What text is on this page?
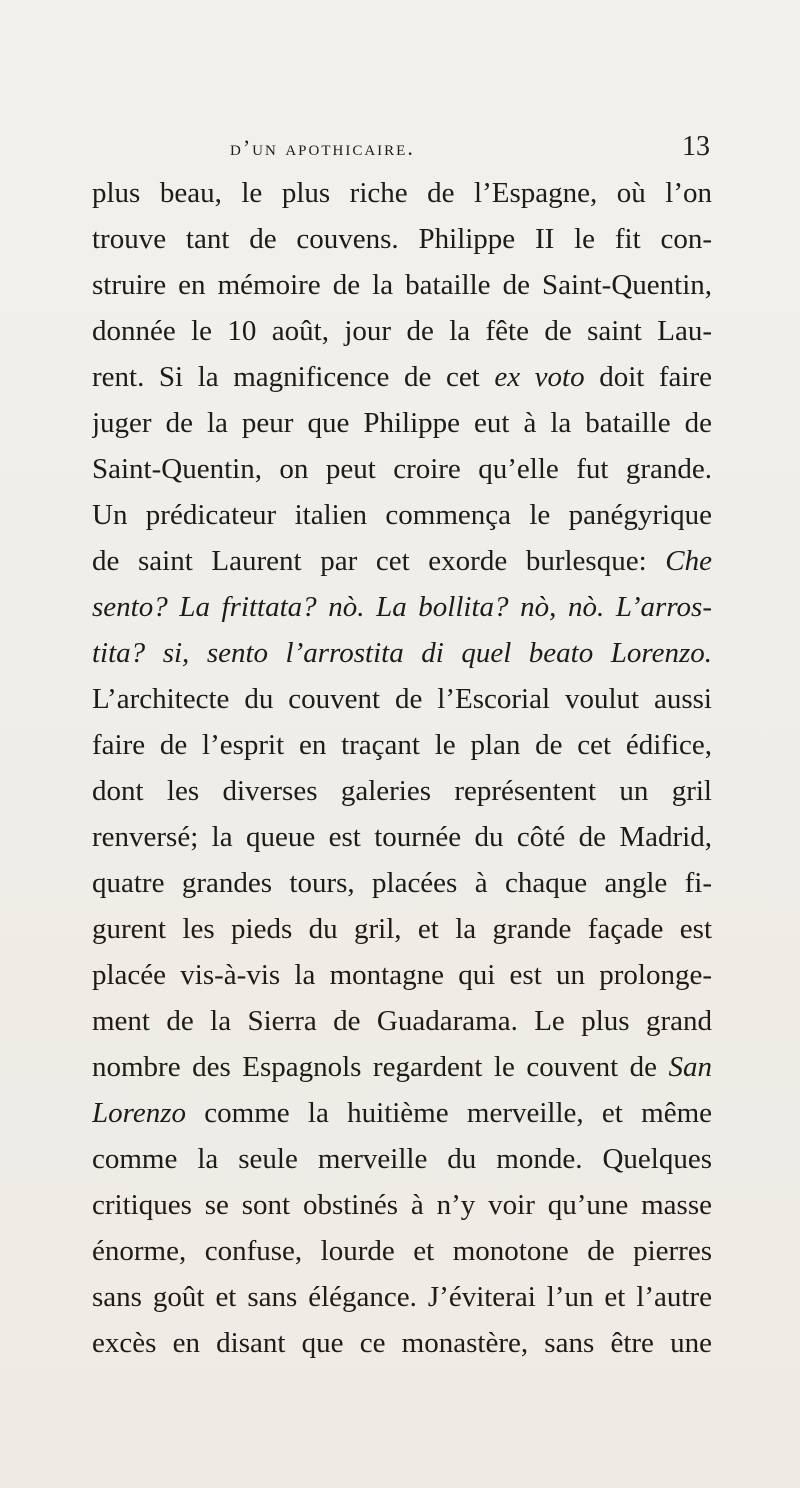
d’un apothicaire.	13
plus beau, le plus riche de l’Espagne, où l’on
trouve tant de couvens. Philippe II le fit con-
struire en mémoire de la bataille de Saint-Quentin,
donnée le 10 août, jour de la fête de saint Lau-
rent. Si la magnificence de cet ex voto doit faire
juger de la peur que Philippe eut à la bataille de
Saint-Quentin, on peut croire qu’elle fut grande.
Un prédicateur italien commença le panégyrique
de saint Laurent par cet exorde burlesque: Che
sento? La frittata? nò. La bollita? nò, nò. L’arros-
tita? si, sento l’arrostita di quel beato Lorenzo.
L’architecte du couvent de l’Escorial voulut aussi
faire de l’esprit en traçant le plan de cet édifice,
dont les diverses galeries représentent un gril
renversé; la queue est tournée du côté de Madrid,
quatre grandes tours, placées à chaque angle fi-
gurent les pieds du gril, et la grande façade est
placée vis-à-vis la montagne qui est un prolonge-
ment de la Sierra de Guadarama. Le plus grand
nombre des Espagnols regardent le couvent de San
Lorenzo comme la huitième merveille, et même
comme la seule merveille du monde. Quelques
critiques se sont obstinés à n’y voir qu’une masse
énorme, confuse, lourde et monotone de pierres
sans goût et sans élégance. J’éviterai l’un et l’autre
excès en disant que ce monastère, sans être une
